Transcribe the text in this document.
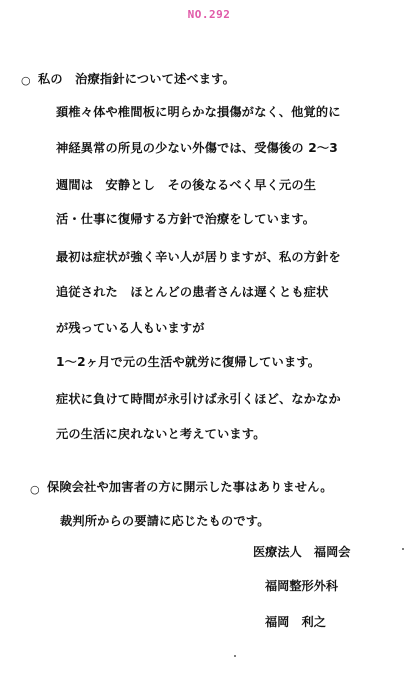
NO.292
○ 私の　治療指針について述べます。
頚椎々体や椎間板に明らかな損傷がなく、他覚的に
神経異常の所見の少ない外傷では、受傷後の 2～3
週間は　安静とし　その後なるべく早く元の生
活・仕事に復帰する方針で治療をしています。
最初は症状が強く辛い人が居りますが、私の方針を
追従された　ほとんどの患者さんは遅くとも症状
が残っている人もいますが
1～2ヶ月で元の生活や就労に復帰しています。
症状に負けて時間が永引けば永引くほど、なかなか
元の生活に戻れないと考えています。
○ 保険会社や加害者の方に開示した事はありません。
裁判所からの要請に応じたものです。
医療法人　福岡会
福岡整形外科
福岡　利之
